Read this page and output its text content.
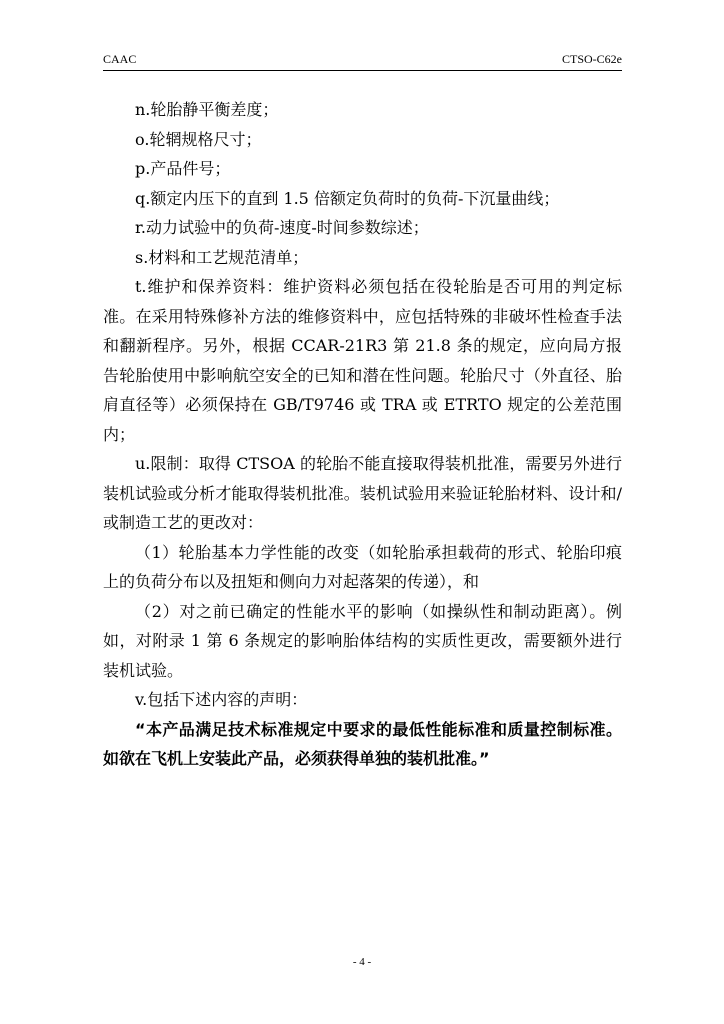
CAAC	CTSO-C62e

n.轮胎静平衡差度；

o.轮辋规格尺寸；

p.产品件号；

q.额定内压下的直到 1.5 倍额定负荷时的负荷-下沉量曲线；

r.动力试验中的负荷-速度-时间参数综述；

s.材料和工艺规范清单；

t.维护和保养资料：维护资料必须包括在役轮胎是否可用的判定标准。在采用特殊修补方法的维修资料中，应包括特殊的非破坏性检查手法和翻新程序。另外，根据 CCAR-21R3 第 21.8 条的规定，应向局方报告轮胎使用中影响航空安全的已知和潜在性问题。轮胎尺寸（外直径、胎肩直径等）必须保持在 GB/T9746 或 TRA 或 ETRTO 规定的公差范围内；

u.限制：取得 CTSOA 的轮胎不能直接取得装机批准，需要另外进行装机试验或分析才能取得装机批准。装机试验用来验证轮胎材料、设计和/或制造工艺的更改对：

（1）轮胎基本力学性能的改变（如轮胎承担载荷的形式、轮胎印痕上的负荷分布以及扭矩和侧向力对起落架的传递），和

（2）对之前已确定的性能水平的影响（如操纵性和制动距离）。例如，对附录 1 第 6 条规定的影响胎体结构的实质性更改，需要额外进行装机试验。

v.包括下述内容的声明：

“本产品满足技术标准规定中要求的最低性能标准和质量控制标准。如欲在飞机上安装此产品，必须获得单独的装机批准。”

- 4 -
